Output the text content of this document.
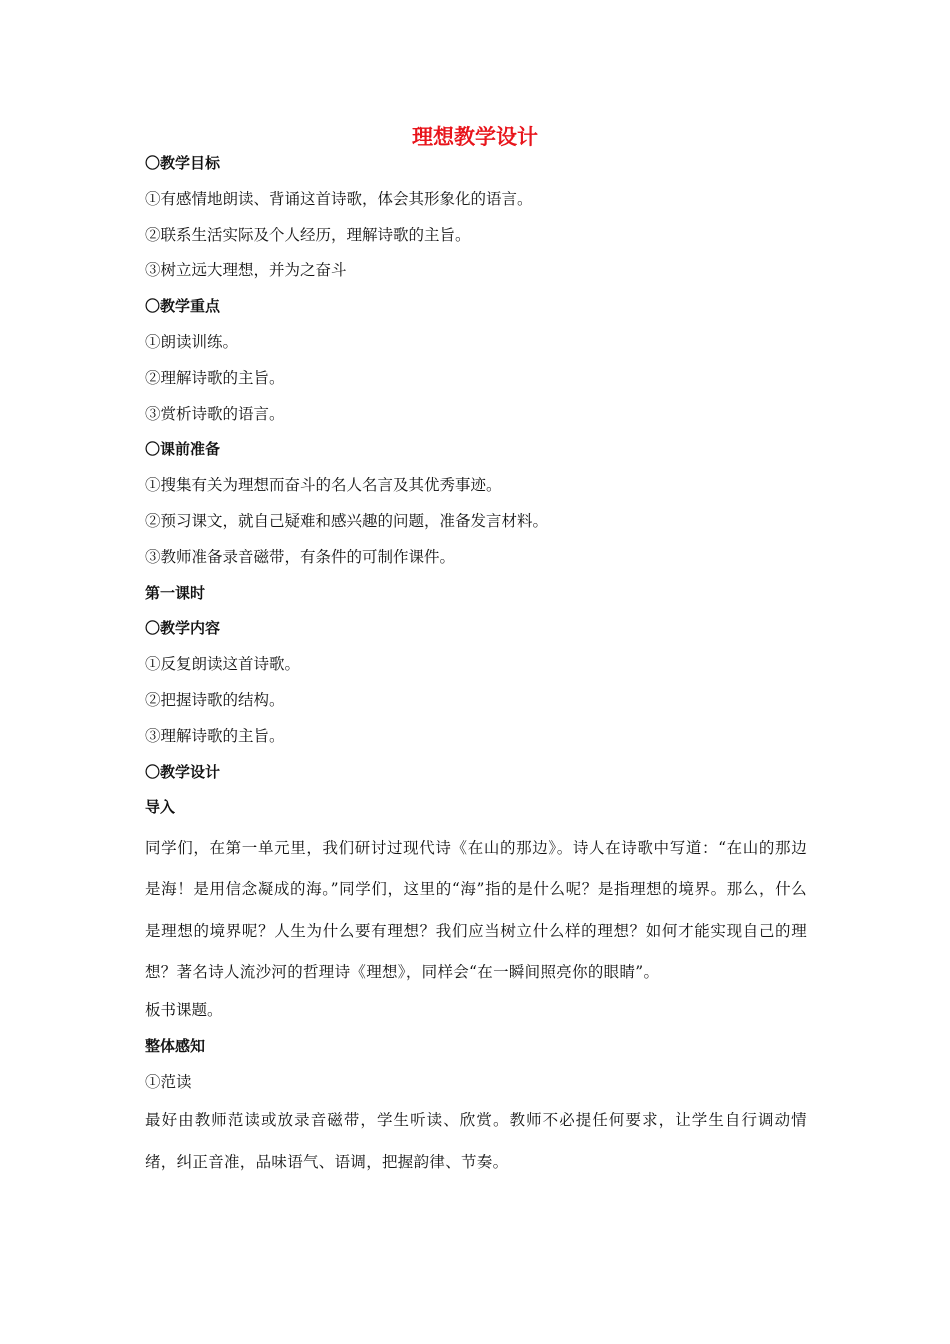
理想教学设计
〇教学目标
①有感情地朗读、背诵这首诗歌，体会其形象化的语言。
②联系生活实际及个人经历，理解诗歌的主旨。
③树立远大理想，并为之奋斗
〇教学重点
①朗读训练。
②理解诗歌的主旨。
③赏析诗歌的语言。
〇课前准备
①搜集有关为理想而奋斗的名人名言及其优秀事迹。
②预习课文，就自己疑难和感兴趣的问题，准备发言材料。
③教师准备录音磁带，有条件的可制作课件。
第一课时
〇教学内容
①反复朗读这首诗歌。
②把握诗歌的结构。
③理解诗歌的主旨。
〇教学设计
导入

同学们，在第一单元里，我们研讨过现代诗《在山的那边》。诗人在诗歌中写道：“在山的那边是海！是用信念凝成的海。”同学们，这里的“海”指的是什么呢？是指理想的境界。那么，什么是理想的境界呢？人生为什么要有理想？我们应当树立什么样的理想？如何才能实现自己的理想？著名诗人流沙河的哲理诗《理想》，同样会“在一瞬间照亮你的眼睛”。

板书课题。
整体感知
①范读

最好由教师范读或放录音磁带，学生听读、欣赏。教师不必提任何要求，让学生自行调动情绪，纠正音准，品味语气、语调，把握韵律、节奏。
